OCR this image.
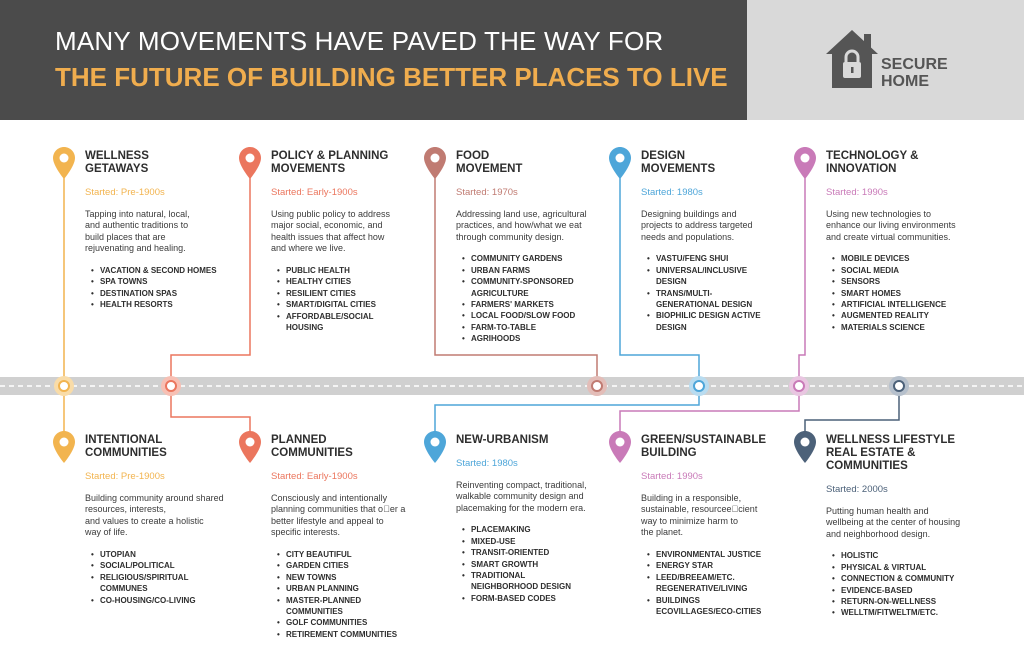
MANY MOVEMENTS HAVE PAVED THE WAY FOR
THE FUTURE OF BUILDING BETTER PLACES TO LIVE	SECURE
HOME
WELLNESS
GETAWAYS
Started: Pre-1900s
Tapping into natural, local,
and authentic traditions to
build places that are
rejuvenating and healing.
• VACATION & SECOND HOMES
• SPA TOWNS
• DESTINATION SPAS
• HEALTH RESORTS
POLICY & PLANNING
MOVEMENTS
Started: Early-1900s
Using public policy to address
major social, economic, and
health issues that affect how
and where we live.
• PUBLIC HEALTH
• HEALTHY CITIES
• RESILIENT CITIES
• SMART/DIGITAL CITIES
• AFFORDABLE/SOCIAL
HOUSING
FOOD
MOVEMENT
Started: 1970s
Addressing land use, agricultural
practices, and how/what we eat
through community design.
• COMMUNITY GARDENS
• URBAN FARMS
• COMMUNITY-SPONSORED
AGRICULTURE
• FARMERS' MARKETS
• LOCAL FOOD/SLOW FOOD
• FARM-TO-TABLE
• AGRIHOODS
DESIGN
MOVEMENTS
Started: 1980s
Designing buildings and
projects to address targeted
needs and populations.
• VASTU/FENG SHUI
• UNIVERSAL/INCLUSIVE
DESIGN
• TRANS/MULTI-
GENERATIONAL DESIGN
• BIOPHILIC DESIGN ACTIVE
DESIGN
TECHNOLOGY &
INNOVATION
Started: 1990s
Using new technologies to
enhance our living environments
and create virtual communities.
• MOBILE DEVICES
• SOCIAL MEDIA
• SENSORS
• SMART HOMES
• ARTIFICIAL INTELLIGENCE
• AUGMENTED REALITY
• MATERIALS SCIENCE
INTENTIONAL
COMMUNITIES
Started: Pre-1900s
Building community around shared
resources, interests,
and values to create a holistic
way of life.
• UTOPIAN
• SOCIAL/POLITICAL
• RELIGIOUS/SPIRITUAL
COMMUNES
• CO-HOUSING/CO-LIVING
PLANNED
COMMUNITIES
Started: Early-1900s
Consciously and intentionally
planning communities that o er a
better lifestyle and appeal to
specific interests.
• CITY BEAUTIFUL
• GARDEN CITIES
• NEW TOWNS
• URBAN PLANNING
• MASTER-PLANNED
COMMUNITIES
• GOLF COMMUNITIES
• RETIREMENT COMMUNITIES
NEW-URBANISM
Started: 1980s
Reinventing compact, traditional,
walkable community design and
placemaking for the modern era.
• PLACEMAKING
• MIXED-USE
• TRANSIT-ORIENTED
• SMART GROWTH
• TRADITIONAL
NEIGHBORHOOD DESIGN
• FORM-BASED CODES
GREEN/SUSTAINABLE
BUILDING
Started: 1990s
Building in a responsible,
sustainable, resourcee cient
way to minimize harm to
the planet.
• ENVIRONMENTAL JUSTICE
• ENERGY STAR
• LEED/BREEAM/ETC.
REGENERATIVE/LIVING
• BUILDINGS
ECOVILLAGES/ECO-CITIES
WELLNESS LIFESTYLE
REAL ESTATE &
COMMUNITIES
Started: 2000s
Putting human health and
wellbeing at the center of housing
and neighborhood design.
• HOLISTIC
• PHYSICAL & VIRTUAL
• CONNECTION & COMMUNITY
• EVIDENCE-BASED
• RETURN-ON-WELLNESS
• WELLTM/FITWELTM/ETC.
